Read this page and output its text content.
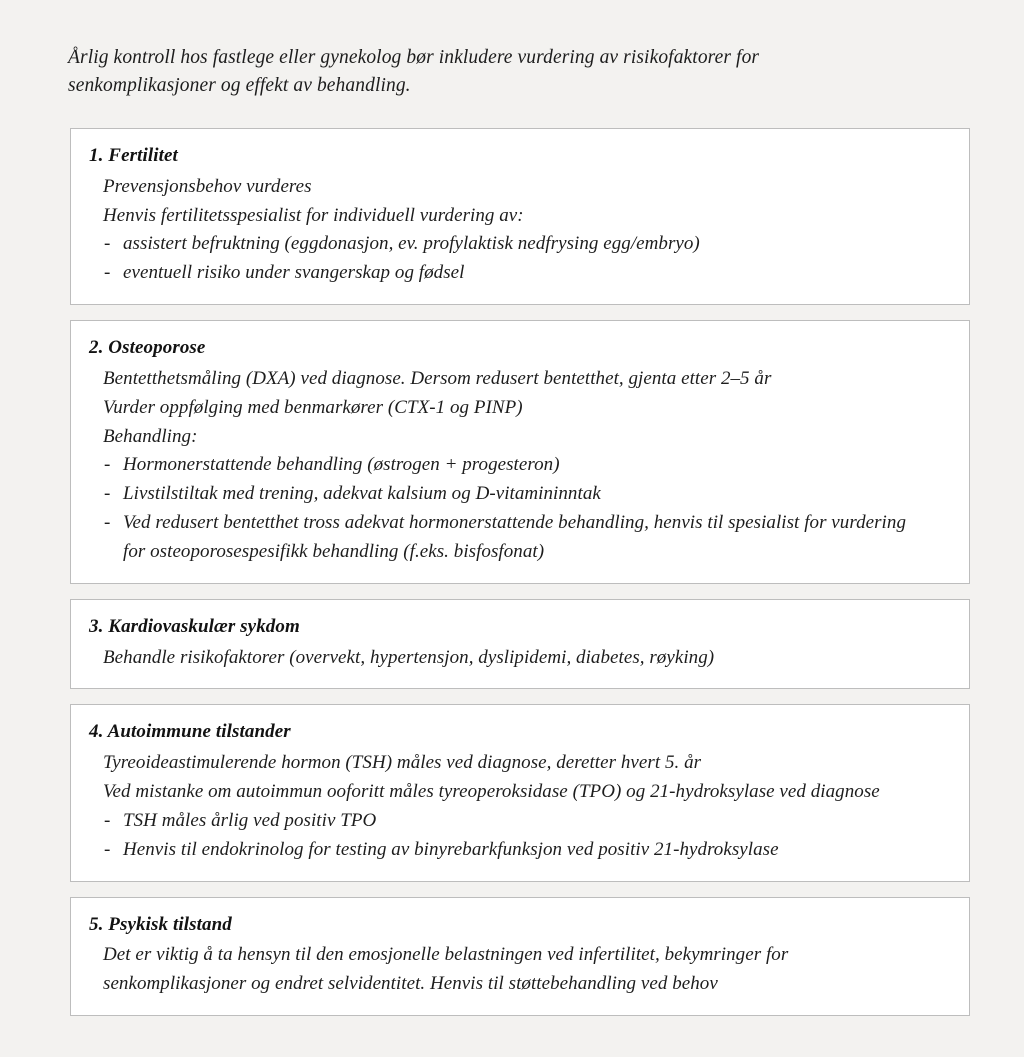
Årlig kontroll hos fastlege eller gynekolog bør inkludere vurdering av risikofaktorer for
senkomplikasjoner og effekt av behandling.
1. Fertilitet

Prevensjonsbehov vurderes

Henvis fertilitetsspesialist for individuell vurdering av:

- assistert befruktning (eggdonasjon, ev. profylaktisk nedfrysing egg/embryo)
- eventuell risiko under svangerskap og fødsel
2. Osteoporose

Bentetthetsmåling (DXA) ved diagnose. Dersom redusert bentetthet, gjenta etter 2–5 år

Vurder oppfølging med benmarkører (CTX-1 og PINP)

Behandling:

- Hormonerstattende behandling (østrogen + progesteron)
- Livstilstiltak med trening, adekvat kalsium og D-vitamininntak
- Ved redusert bentetthet tross adekvat hormonerstattende behandling, henvis til spesialist for vurdering for osteoporosespesifikk behandling (f.eks. bisfosfonat)
3. Kardiovaskulær sykdom

Behandle risikofaktorer (overvekt, hypertensjon, dyslipidemi, diabetes, røyking)

4. Autoimmune tilstander

Tyreoideastimulerende hormon (TSH) måles ved diagnose, deretter hvert 5. år

Ved mistanke om autoimmun ooforitt måles tyreoperoksidase (TPO) og 21-hydroksylase ved diagnose

- TSH måles årlig ved positiv TPO
- Henvis til endokrinolog for testing av binyrebarkfunksjon ved positiv 21-hydroksylase
5. Psykisk tilstand

Det er viktig å ta hensyn til den emosjonelle belastningen ved infertilitet, bekymringer for senkomplikasjoner og endret selvidentitet. Henvis til støttebehandling ved behov
